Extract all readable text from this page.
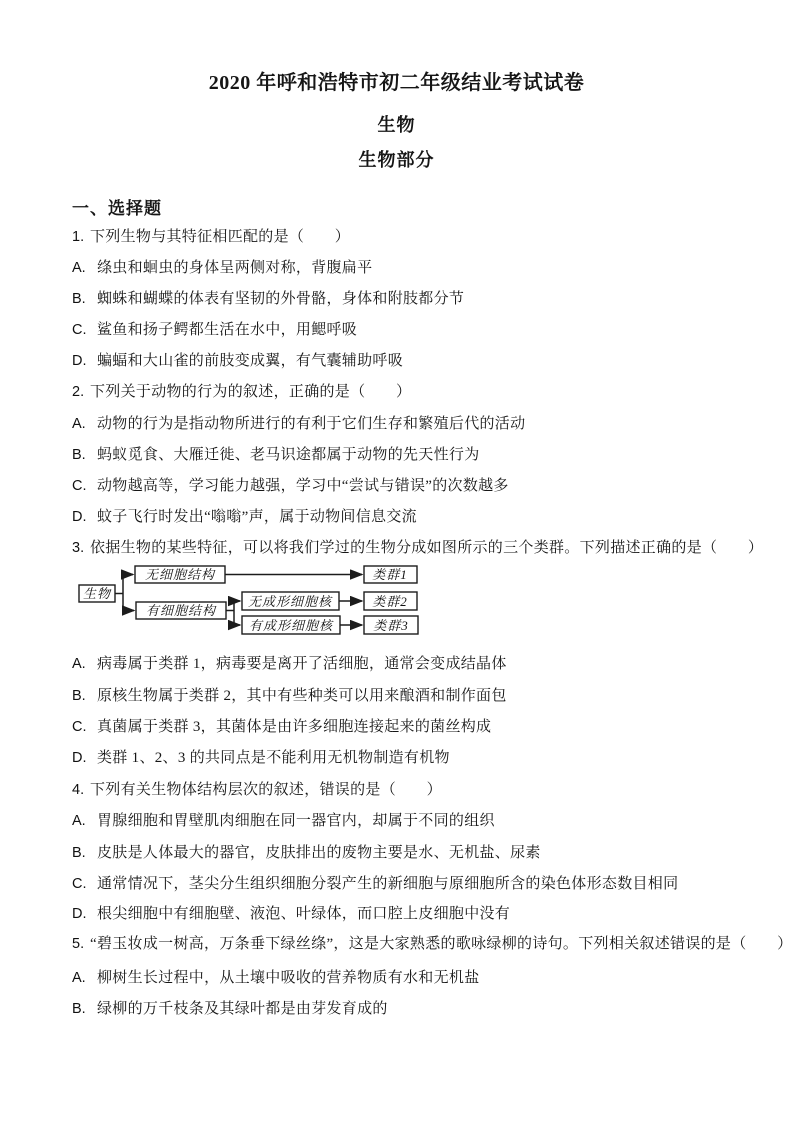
2020 年呼和浩特市初二年级结业考试试卷
生物
生物部分
一、选择题
1. 下列生物与其特征相匹配的是（　　）
A. 绦虫和蛔虫的身体呈两侧对称，背腹扁平
B. 蜘蛛和蝴蝶的体表有坚韧的外骨骼，身体和附肢都分节
C. 鲨鱼和扬子鳄都生活在水中，用鳃呼吸
D. 蝙蝠和大山雀的前肢变成翼，有气囊辅助呼吸
2. 下列关于动物的行为的叙述，正确的是（　　）
A. 动物的行为是指动物所进行的有利于它们生存和繁殖后代的活动
B. 蚂蚁觅食、大雁迁徙、老马识途都属于动物的先天性行为
C. 动物越高等，学习能力越强，学习中“尝试与错误”的次数越多
D. 蚊子飞行时发出“嗡嗡”声，属于动物间信息交流
3. 依据生物的某些特征，可以将我们学过的生物分成如图所示的三个类群。下列描述正确的是（　　）
生物
无细胞结构
有细胞结构
无成形细胞核
有成形细胞核
类群1
类群2
类群3
A. 病毒属于类群 1，病毒要是离开了活细胞，通常会变成结晶体
B. 原核生物属于类群 2，其中有些种类可以用来酿酒和制作面包
C. 真菌属于类群 3，其菌体是由许多细胞连接起来的菌丝构成
D. 类群 1、2、3 的共同点是不能利用无机物制造有机物
4. 下列有关生物体结构层次的叙述，错误的是（　　）
A. 胃腺细胞和胃壁肌肉细胞在同一器官内，却属于不同的组织
B. 皮肤是人体最大的器官，皮肤排出的废物主要是水、无机盐、尿素
C. 通常情况下，茎尖分生组织细胞分裂产生的新细胞与原细胞所含的染色体形态数目相同
D. 根尖细胞中有细胞壁、液泡、叶绿体，而口腔上皮细胞中没有
5. “碧玉妆成一树高，万条垂下绿丝绦”，这是大家熟悉的歌咏绿柳的诗句。下列相关叙述错误的是（　　）
A. 柳树生长过程中，从土壤中吸收的营养物质有水和无机盐
B. 绿柳的万千枝条及其绿叶都是由芽发育成的
